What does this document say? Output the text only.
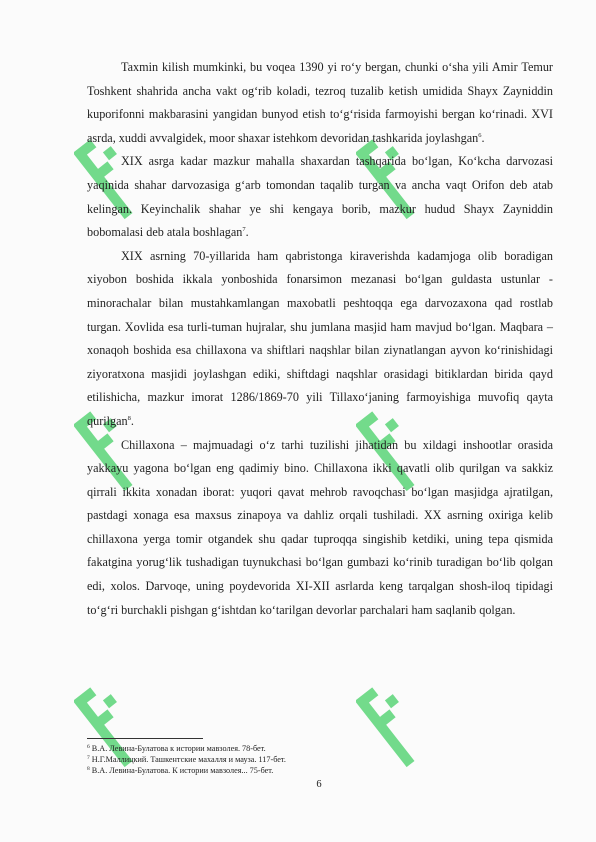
Taxmin kilish mumkinki, bu voqea 1390 yi ro‘y bergan, chunki o‘sha yili Amir Temur Toshkent shahrida ancha vakt og‘rib koladi, tezroq tuzalib ketish umidida Shayx Zayniddin kuporifonni makbarasini yangidan bunyod etish to‘g‘risida farmoyishi bergan ko‘rinadi. XVI asrda, xuddi avvalgidek, moor shaxar istehkom devoridan tashkarida joylashgan$^6$.

XIX asrga kadar mazkur mahalla shaxardan tashqarida bo‘lgan, Ko‘kcha darvozasi yaqinida shahar darvozasiga g‘arb tomondan taqalib turgan va ancha vaqt Orifon deb atab kelingan. Keyinchalik shahar ye shi kengaya borib, mazkur hudud Shayx Zayniddin bobomalasi deb atala boshlagan$^7$.

XIX asrning 70-yillarida ham qabristonga kiraverishda kadamjoga olib boradigan xiyobon boshida ikkala yonboshida fonarsimon mezanasi bo‘lgan guldasta ustunlar - minorachalar bilan mustahkamlangan maxobatli peshtoqqa ega darvozaxona qad rostlab turgan. Xovlida esa turli-tuman hujralar, shu jumlana masjid ham mavjud bo‘lgan. Maqbara – xonaqoh boshida esa chillaxona va shiftlari naqshlar bilan ziynatlangan ayvon ko‘rinishidagi ziyoratxona masjidi joylashgan ediki, shiftdagi naqshlar orasidagi bitiklardan birida qayd etilishicha, mazkur imorat 1286/1869-70 yili Tillaxo‘janing farmoyishiga muvofiq qayta qurilgan$^8$.

Chillaxona – majmuadagi o‘z tarhi tuzilishi jihatidan bu xildagi inshootlar orasida yakkayu yagona bo‘lgan eng qadimiy bino. Chillaxona ikki qavatli olib qurilgan va sakkiz qirrali ikkita xonadan iborat: yuqori qavat mehrob ravoqchasi bo‘lgan masjidga ajratilgan, pastdagi xonaga esa maxsus zinapoya va dahliz orqali tushiladi. XX asrning oxiriga kelib chillaxona yerga tomir otgandek shu qadar tuproqqa singishib ketdiki, uning tepa qismida fakatgina yorug‘lik tushadigan tuynukchasi bo‘lgan gumbazi ko‘rinib turadigan bo‘lib qolgan edi, xolos. Darvoqe, uning poydevorida XI-XII asrlarda keng tarqalgan shosh-iloq tipidagi to‘g‘ri burchakli pishgan g‘ishtdan ko‘tarilgan devorlar parchalari ham saqlanib qolgan.

$^6$ В.А. Левина-Булатова к истории мавзолея. 78-бет.

$^7$ Н.Г.Маллицкий. Ташкентские махалля и мауза. 117-бет.

$^8$ В.А. Левина-Булатова. К истории мавзолея... 75-бет.

6
